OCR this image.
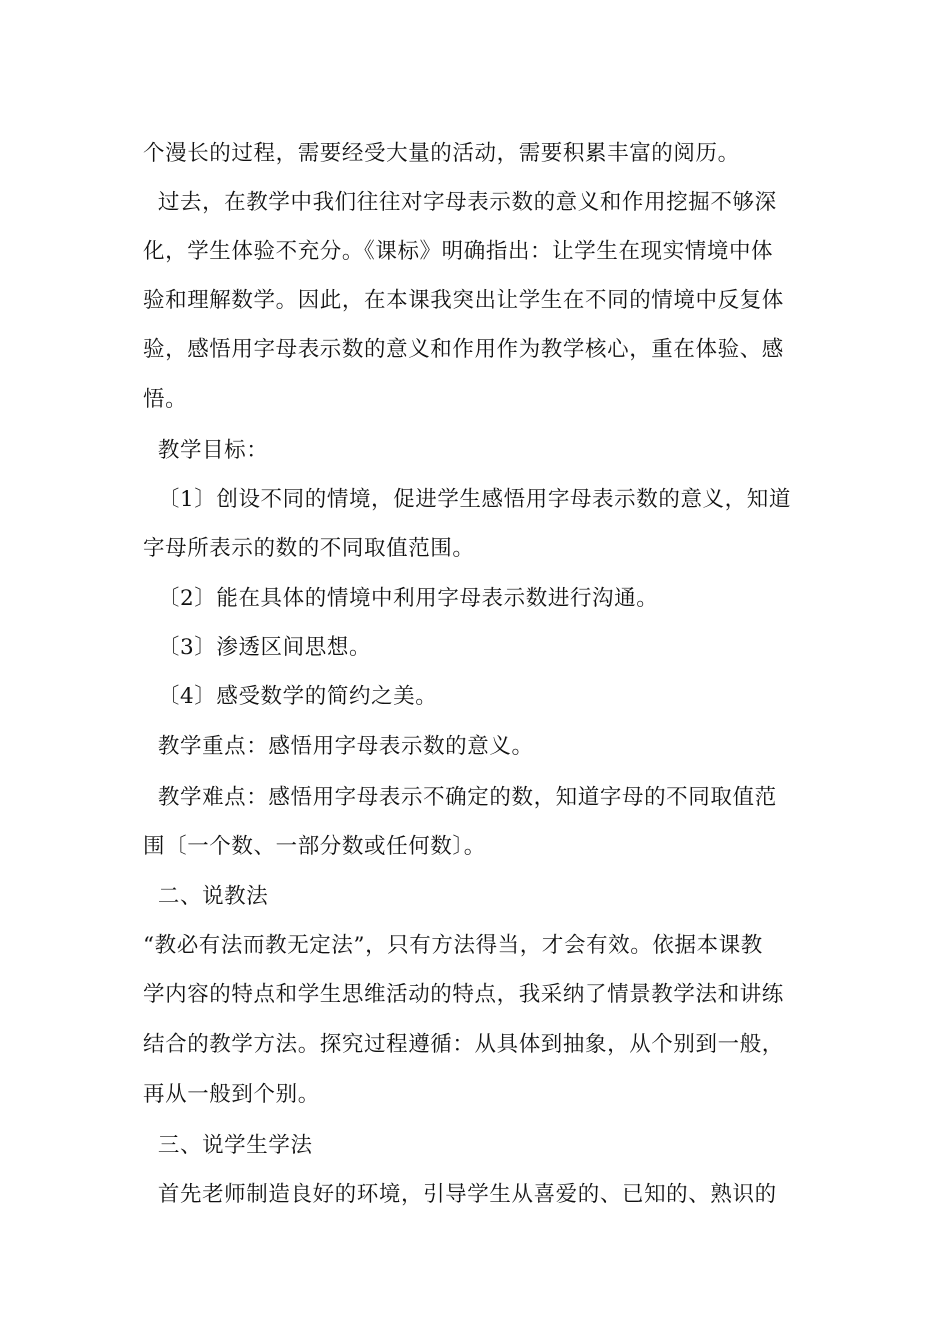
个漫长的过程，需要经受大量的活动，需要积累丰富的阅历。
过去，在教学中我们往往对字母表示数的意义和作用挖掘不够深
化，学生体验不充分。《课标》明确指出：让学生在现实情境中体
验和理解数学。因此，在本课我突出让学生在不同的情境中反复体
验，感悟用字母表示数的意义和作用作为教学核心，重在体验、感
悟。
教学目标：
〔1〕创设不同的情境，促进学生感悟用字母表示数的意义，知道
字母所表示的数的不同取值范围。
〔2〕能在具体的情境中利用字母表示数进行沟通。
〔3〕渗透区间思想。
〔4〕感受数学的简约之美。
教学重点：感悟用字母表示数的意义。
教学难点：感悟用字母表示不确定的数，知道字母的不同取值范
围〔一个数、一部分数或任何数〕。
二、说教法
“教必有法而教无定法”，只有方法得当，才会有效。依据本课教
学内容的特点和学生思维活动的特点，我采纳了情景教学法和讲练
结合的教学方法。探究过程遵循：从具体到抽象，从个别到一般，
再从一般到个别。
三、说学生学法
首先老师制造良好的环境，引导学生从喜爱的、已知的、熟识的
